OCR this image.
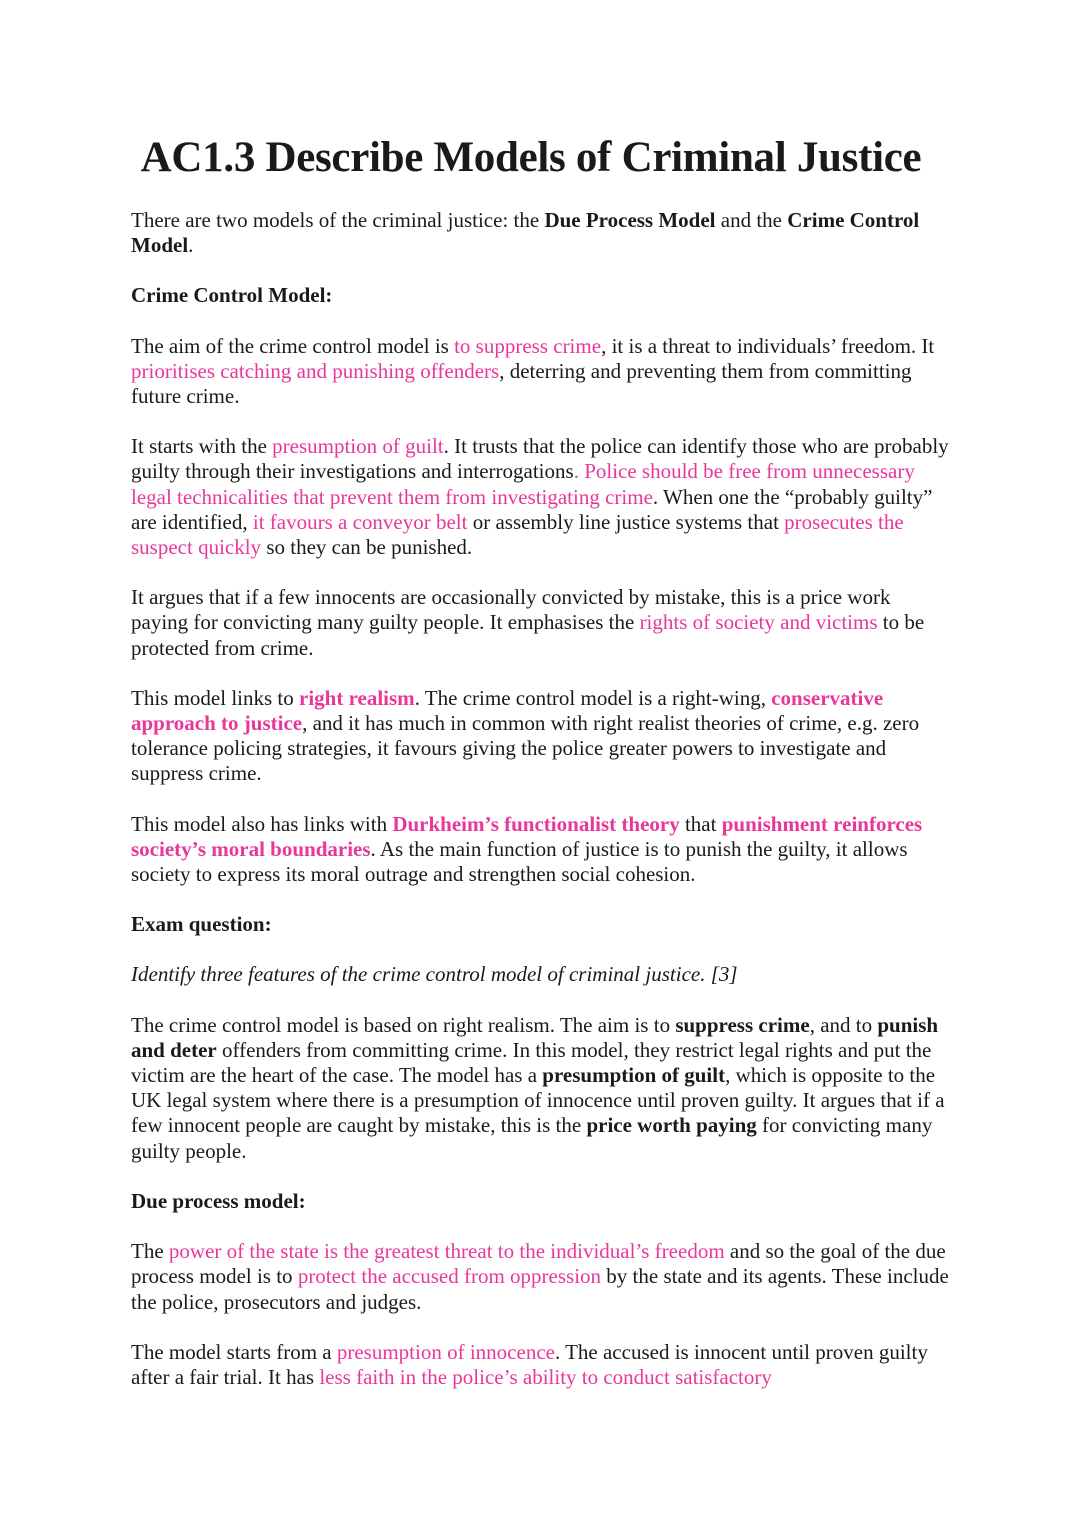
AC1.3 Describe Models of Criminal Justice

There are two models of the criminal justice: the Due Process Model and the Crime Control Model.

Crime Control Model:

The aim of the crime control model is to suppress crime, it is a threat to individuals’ freedom. It prioritises catching and punishing offenders, deterring and preventing them from committing future crime.

It starts with the presumption of guilt. It trusts that the police can identify those who are probably guilty through their investigations and interrogations. Police should be free from unnecessary legal technicalities that prevent them from investigating crime. When one the “probably guilty” are identified, it favours a conveyor belt or assembly line justice systems that prosecutes the suspect quickly so they can be punished.

It argues that if a few innocents are occasionally convicted by mistake, this is a price work paying for convicting many guilty people. It emphasises the rights of society and victims to be protected from crime.

This model links to right realism. The crime control model is a right-wing, conservative approach to justice, and it has much in common with right realist theories of crime, e.g. zero tolerance policing strategies, it favours giving the police greater powers to investigate and suppress crime.

This model also has links with Durkheim’s functionalist theory that punishment reinforces society’s moral boundaries. As the main function of justice is to punish the guilty, it allows society to express its moral outrage and strengthen social cohesion.

Exam question:

Identify three features of the crime control model of criminal justice. [3]

The crime control model is based on right realism. The aim is to suppress crime, and to punish and deter offenders from committing crime. In this model, they restrict legal rights and put the victim are the heart of the case. The model has a presumption of guilt, which is opposite to the UK legal system where there is a presumption of innocence until proven guilty. It argues that if a few innocent people are caught by mistake, this is the price worth paying for convicting many guilty people.

Due process model:

The power of the state is the greatest threat to the individual’s freedom and so the goal of the due process model is to protect the accused from oppression by the state and its agents. These include the police, prosecutors and judges.

The model starts from a presumption of innocence. The accused is innocent until proven guilty after a fair trial. It has less faith in the police’s ability to conduct satisfactory
